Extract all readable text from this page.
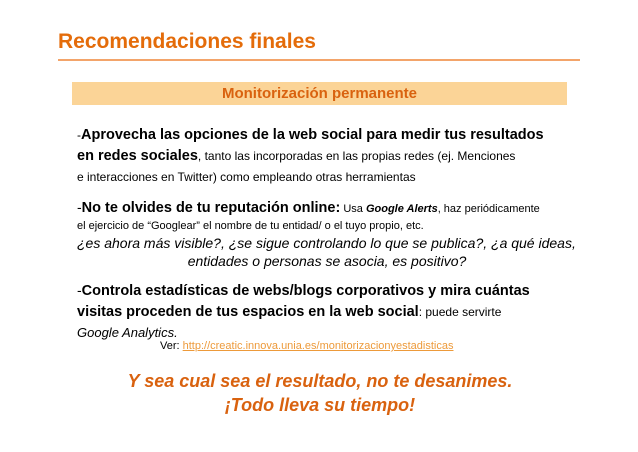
Recomendaciones finales
Monitorización permanente
-Aprovecha las opciones de la web social para medir tus resultados
en redes sociales, tanto las incorporadas en las propias redes (ej. Menciones
e interacciones en Twitter) como empleando otras herramientas
-No te olvides de tu reputación online: Usa Google Alerts, haz periódicamente
el ejercicio de “Googlear” el nombre de tu entidad/ o el tuyo propio, etc.
¿es ahora más visible?, ¿se sigue controlando lo que se publica?, ¿a qué ideas,
entidades o personas se asocia, es positivo?
-Controla estadísticas de webs/blogs corporativos y mira cuántas
visitas proceden de tus espacios en la web social: puede servirte
Google Analytics.
Ver: http://creatic.innova.unia.es/monitorizacionyestadisticas
Y sea cual sea el resultado, no te desanimes.
¡Todo lleva su tiempo!
